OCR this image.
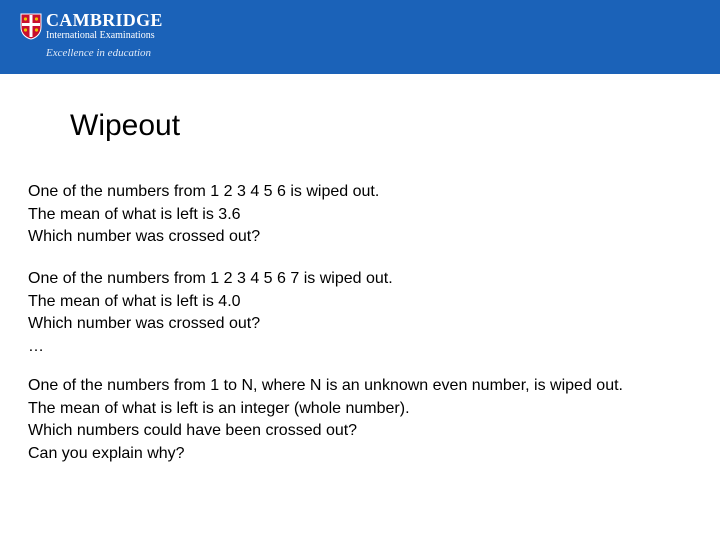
CAMBRIDGE
International Examinations
Excellence in education
Wipeout

One of the numbers from 1 2 3 4 5 6 is wiped out.

The mean of what is left is 3.6

Which number was crossed out?

One of the numbers from 1 2 3 4 5 6 7 is wiped out.

The mean of what is left is 4.0

Which number was crossed out?

…

One of the numbers from 1 to N, where N is an unknown even number, is wiped out.

The mean of what is left is an integer (whole number).

Which numbers could have been crossed out?

Can you explain why?
